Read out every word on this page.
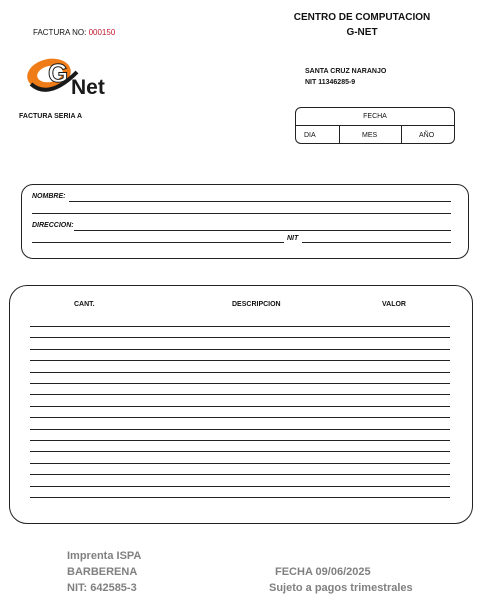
FACTURA NO: 000150
CENTRO DE COMPUTACION
G-NET
G Net
SANTA CRUZ NARANJO
NIT 11346285-9
FACTURA SERIA A	FECHA
DIA	MES	AÑO
NOMBRE:
DIRECCION:
NIT
CANT.	DESCRIPCION	VALOR
Imprenta ISPA
BARBERENA
NIT: 642585-3
FECHA 09/06/2025
Sujeto a pagos trimestrales
